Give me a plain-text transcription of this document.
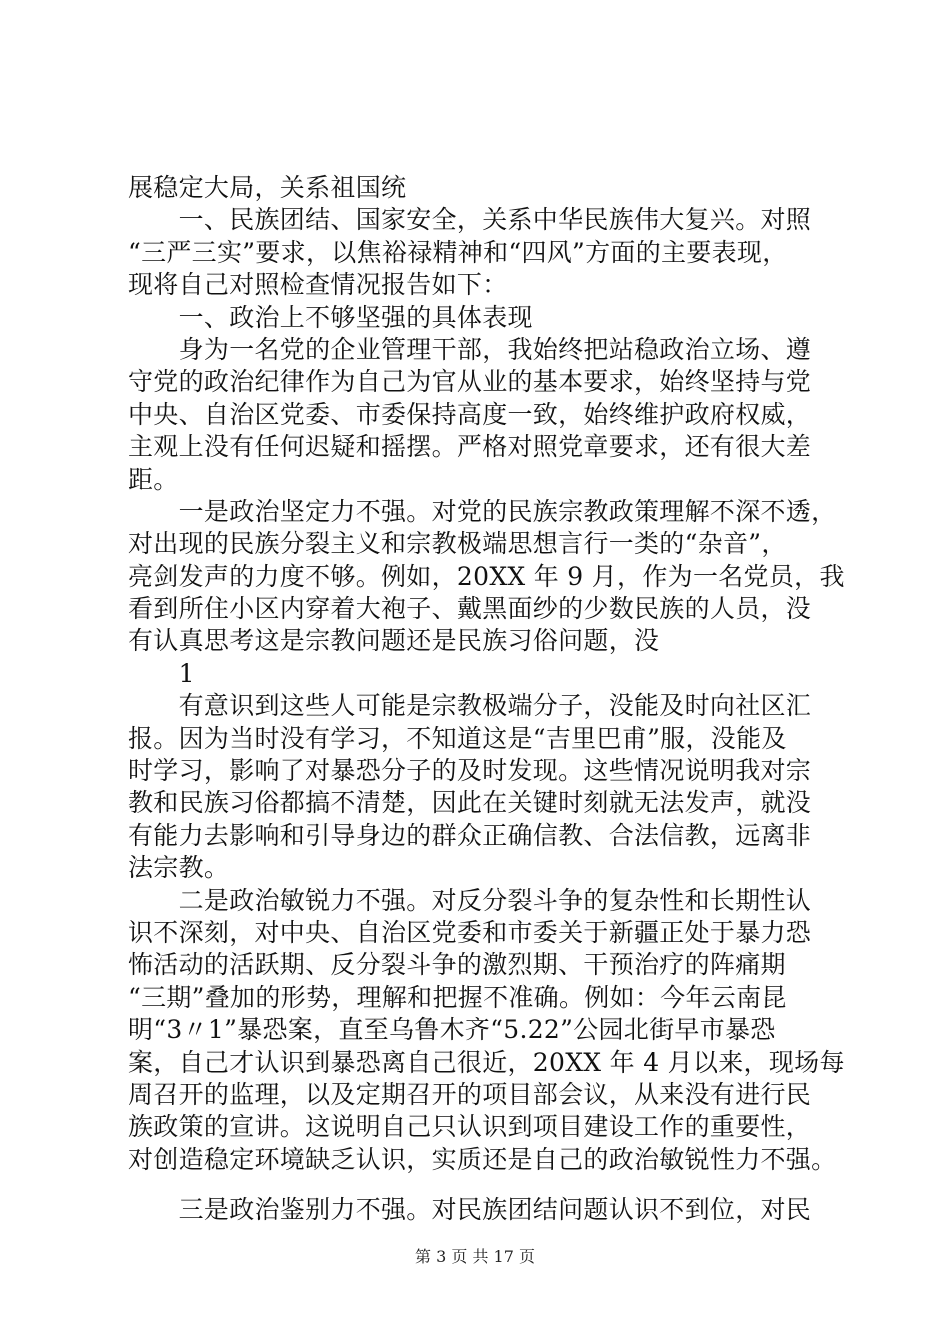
展稳定大局，关系祖国统
　　一、民族团结、国家安全，关系中华民族伟大复兴。对照
“三严三实”要求，以焦裕禄精神和“四风”方面的主要表现，
现将自己对照检查情况报告如下：
　　一、政治上不够坚强的具体表现
　　身为一名党的企业管理干部，我始终把站稳政治立场、遵
守党的政治纪律作为自己为官从业的基本要求，始终坚持与党
中央、自治区党委、市委保持高度一致，始终维护政府权威，
主观上没有任何迟疑和摇摆。严格对照党章要求，还有很大差
距。
　　一是政治坚定力不强。对党的民族宗教政策理解不深不透，
对出现的民族分裂主义和宗教极端思想言行一类的“杂音”，
亮剑发声的力度不够。例如，20XX 年 9 月，作为一名党员，我
看到所住小区内穿着大袍子、戴黑面纱的少数民族的人员，没
有认真思考这是宗教问题还是民族习俗问题，没
　　1
　　有意识到这些人可能是宗教极端分子，没能及时向社区汇
报。因为当时没有学习，不知道这是“吉里巴甫”服，没能及
时学习，影响了对暴恐分子的及时发现。这些情况说明我对宗
教和民族习俗都搞不清楚，因此在关键时刻就无法发声，就没
有能力去影响和引导身边的群众正确信教、合法信教，远离非
法宗教。
　　二是政治敏锐力不强。对反分裂斗争的复杂性和长期性认
识不深刻，对中央、自治区党委和市委关于新疆正处于暴力恐
怖活动的活跃期、反分裂斗争的激烈期、干预治疗的阵痛期
“三期”叠加的形势，理解和把握不准确。例如：今年云南昆
明“3〃1”暴恐案，直至乌鲁木齐“5.22”公园北街早市暴恐
案，自己才认识到暴恐离自己很近，20XX 年 4 月以来，现场每
周召开的监理，以及定期召开的项目部会议，从来没有进行民
族政策的宣讲。这说明自己只认识到项目建设工作的重要性，
对创造稳定环境缺乏认识，实质还是自己的政治敏锐性力不强。
　　三是政治鉴别力不强。对民族团结问题认识不到位，对民
第 3 页 共 17 页
